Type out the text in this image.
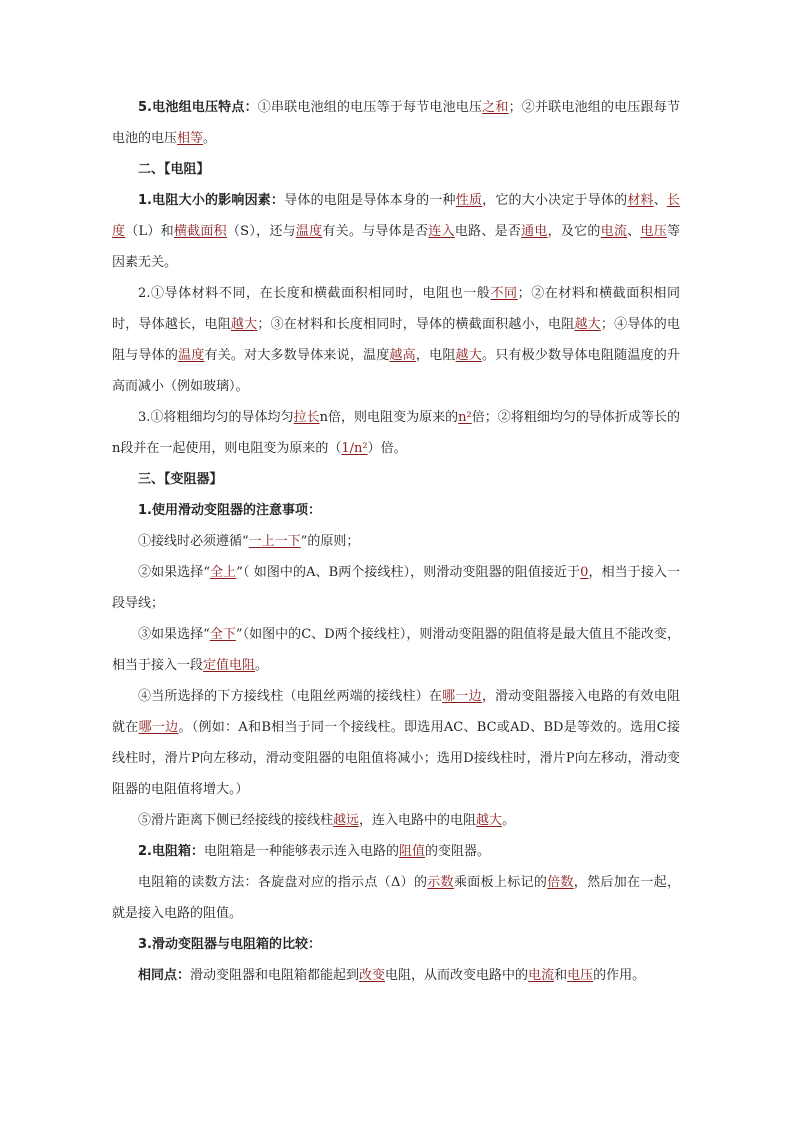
5.电池组电压特点：①串联电池组的电压等于每节电池电压之和；②并联电池组的电压跟每节电池的电压相等。

二、【电阻】

1.电阻大小的影响因素：导体的电阻是导体本身的一种性质，它的大小决定于导体的材料、长度（L）和横截面积（S），还与温度有关。与导体是否连入电路、是否通电，及它的电流、电压等因素无关。

2.①导体材料不同，在长度和横截面积相同时，电阻也一般不同；②在材料和横截面积相同时，导体越长，电阻越大；③在材料和长度相同时，导体的横截面积越小，电阻越大；④导体的电阻与导体的温度有关。对大多数导体来说，温度越高，电阻越大。只有极少数导体电阻随温度的升高而减小（例如玻璃）。

3.①将粗细均匀的导体均匀拉长n倍，则电阻变为原来的n²倍；②将粗细均匀的导体折成等长的n段并在一起使用，则电阻变为原来的（1/n²）倍。

三、【变阻器】

1.使用滑动变阻器的注意事项：

①接线时必须遵循“一上一下”的原则；

②如果选择“全上”（ 如图中的A、B两个接线柱），则滑动变阻器的阻值接近于0，相当于接入一段导线；

③如果选择“全下”（如图中的C、D两个接线柱），则滑动变阻器的阻值将是最大值且不能改变，相当于接入一段定值电阻。

④当所选择的下方接线柱（电阻丝两端的接线柱）在哪一边，滑动变阻器接入电路的有效电阻就在哪一边。（例如：A和B相当于同一个接线柱。即选用AC、BC或AD、BD是等效的。选用C接线柱时，滑片P向左移动，滑动变阻器的电阻值将减小；选用D接线柱时，滑片P向左移动，滑动变阻器的电阻值将增大。）

⑤滑片距离下侧已经接线的接线柱越远，连入电路中的电阻越大。

2.电阻箱：电阻箱是一种能够表示连入电路的阻值的变阻器。

电阻箱的读数方法：各旋盘对应的指示点（Δ）的示数乘面板上标记的倍数，然后加在一起，就是接入电路的阻值。

3.滑动变阻器与电阻箱的比较：

相同点：滑动变阻器和电阻箱都能起到改变电阻，从而改变电路中的电流和电压的作用。
